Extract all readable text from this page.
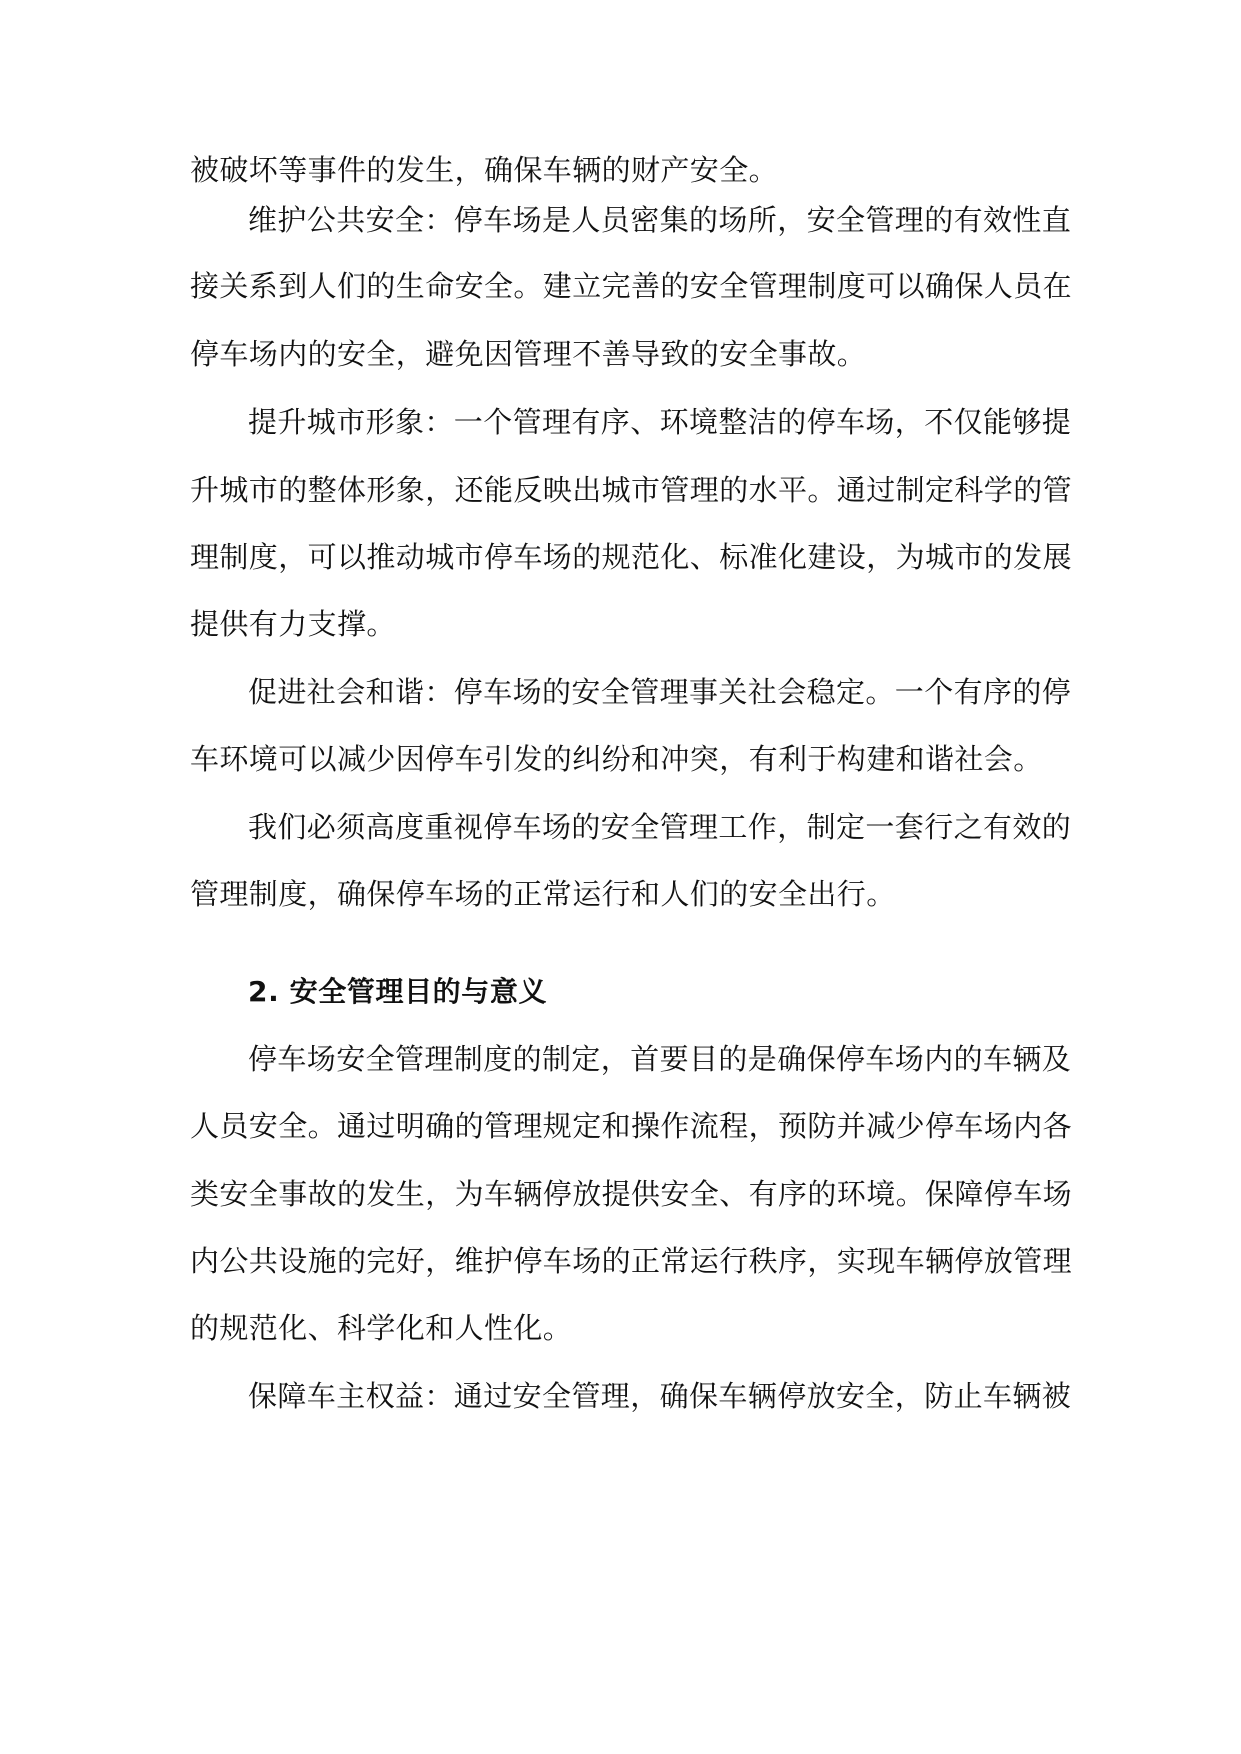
被破坏等事件的发生，确保车辆的财产安全。
维护公共安全：停车场是人员密集的场所，安全管理的有效性直
接关系到人们的生命安全。建立完善的安全管理制度可以确保人员在
停车场内的安全，避免因管理不善导致的安全事故。
提升城市形象：一个管理有序、环境整洁的停车场，不仅能够提
升城市的整体形象，还能反映出城市管理的水平。通过制定科学的管
理制度，可以推动城市停车场的规范化、标准化建设，为城市的发展
提供有力支撑。
促进社会和谐：停车场的安全管理事关社会稳定。一个有序的停
车环境可以减少因停车引发的纠纷和冲突，有利于构建和谐社会。
我们必须高度重视停车场的安全管理工作，制定一套行之有效的
管理制度，确保停车场的正常运行和人们的安全出行。
2. 安全管理目的与意义
停车场安全管理制度的制定，首要目的是确保停车场内的车辆及
人员安全。通过明确的管理规定和操作流程，预防并减少停车场内各
类安全事故的发生，为车辆停放提供安全、有序的环境。保障停车场
内公共设施的完好，维护停车场的正常运行秩序，实现车辆停放管理
的规范化、科学化和人性化。
保障车主权益：通过安全管理，确保车辆停放安全，防止车辆被
